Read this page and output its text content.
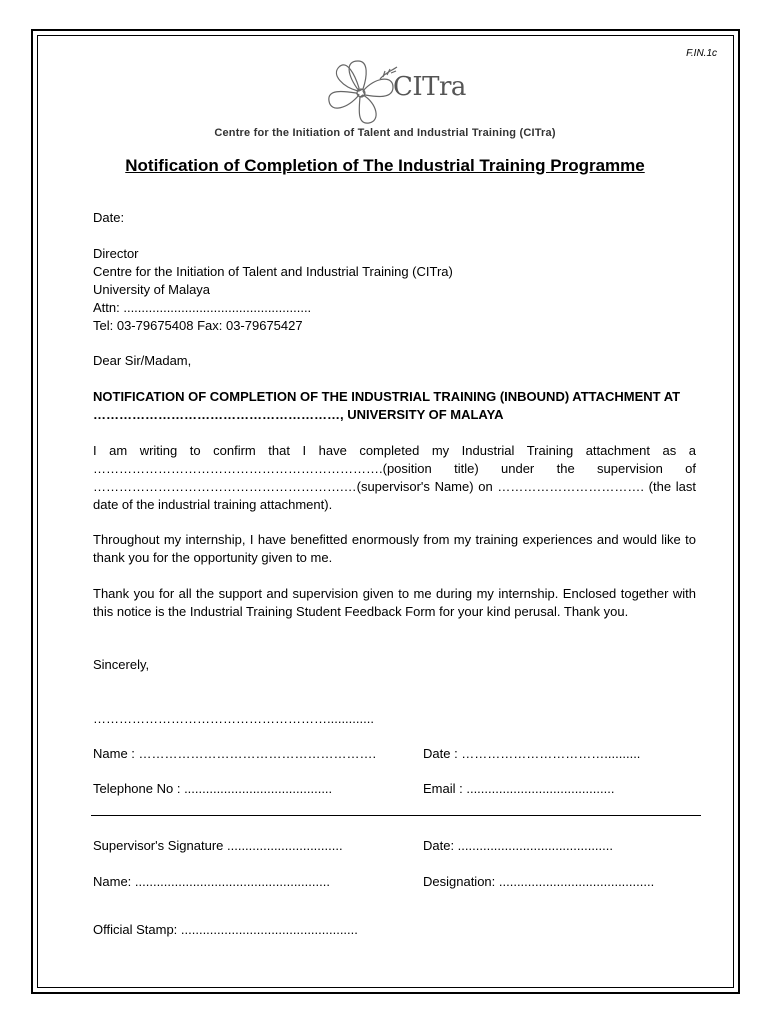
F.IN.1c
CITra
Centre for the Initiation of Talent and Industrial Training (CITra)
Notification of Completion of The Industrial Training Programme
Date:
Director
Centre for the Initiation of Talent and Industrial Training (CITra)
University of Malaya
Attn: ....................................................
Tel: 03-79675408 Fax: 03-79675427
Dear Sir/Madam,
NOTIFICATION OF COMPLETION OF THE INDUSTRIAL TRAINING (INBOUND) ATTACHMENT AT
…………………………………………………, UNIVERSITY OF MALAYA
I am writing to confirm that I have completed my Industrial Training attachment as a
………………………………………………………….(position title) under the supervision of
………………………………………………….…(supervisor's Name) on ……………………………. (the last
date of the industrial training attachment).
Throughout my internship, I have benefitted enormously from my training experiences and would like to thank you for the opportunity given to me.
Thank you for all the support and supervision given to me during my internship. Enclosed together with this notice is the Industrial Training Student Feedback Form for your kind perusal. Thank you.
Sincerely,
……………………………………………….............
Name : ……………………………………………….	Date : ……………………………..........
Telephone No : .........................................	Email : .........................................
Supervisor's Signature ................................	Date: ...........................................
Name: ......................................................	Designation: ...........................................
Official Stamp: .................................................
